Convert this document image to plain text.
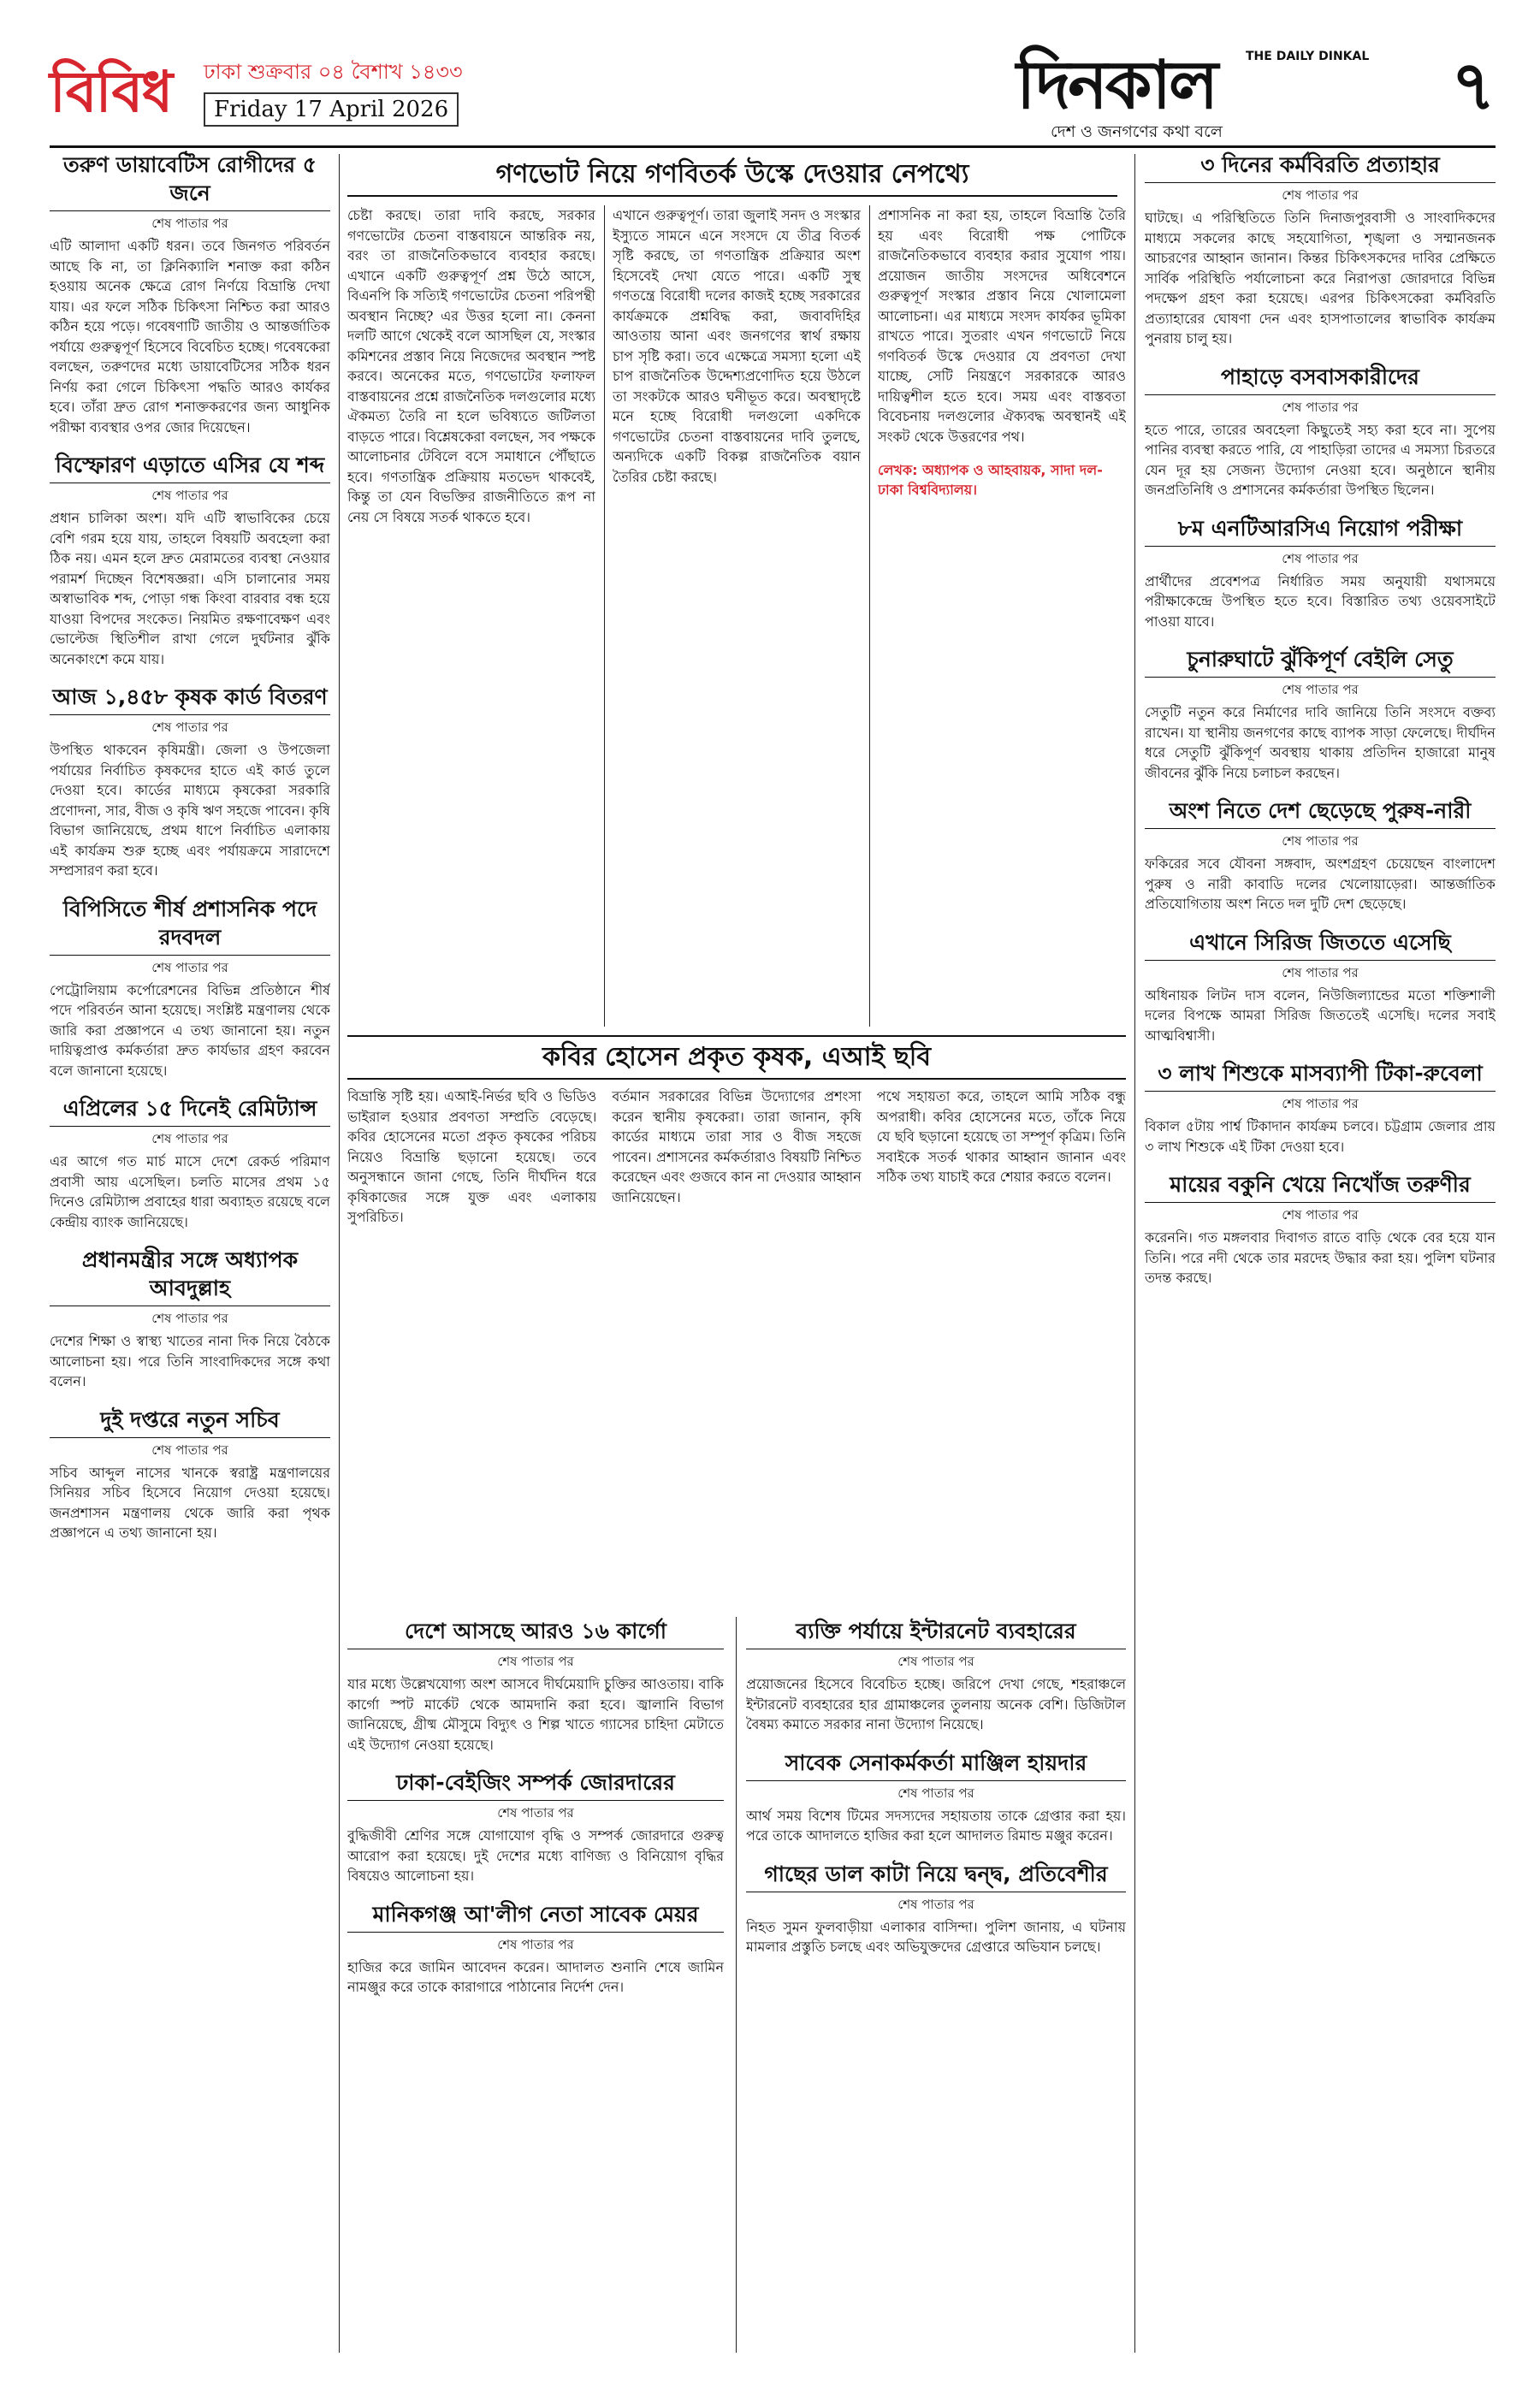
বিবিধ	ঢাকা শুক্রবার ০৪ বৈশাখ ১৪৩৩
Friday 17 April 2026	দিনকাল THE DAILY DINKAL
দেশ ও জনগণের কথা বলে
৭
তরুণ ডায়াবেটিস রোগীদের ৫ জনে
শেষ পাতার পর
এটি আলাদা একটি ধরন। তবে জিনগত পরিবর্তন আছে কি না, তা ক্লিনিক্যালি শনাক্ত করা কঠিন হওয়ায় অনেক ক্ষেত্রে রোগ নির্ণয়ে বিভ্রান্তি দেখা যায়। এর ফলে সঠিক চিকিৎসা নিশ্চিত করা আরও কঠিন হয়ে পড়ে। গবেষণাটি জাতীয় ও আন্তর্জাতিক পর্যায়ে গুরুত্বপূর্ণ হিসেবে বিবেচিত হচ্ছে। গবেষকেরা বলছেন, তরুণদের মধ্যে ডায়াবেটিসের সঠিক ধরন নির্ণয় করা গেলে চিকিৎসা পদ্ধতি আরও কার্যকর হবে। তাঁরা দ্রুত রোগ শনাক্তকরণের জন্য আধুনিক পরীক্ষা ব্যবস্থার ওপর জোর দিয়েছেন।
বিস্ফোরণ এড়াতে এসির যে শব্দ
শেষ পাতার পর
প্রধান চালিকা অংশ। যদি এটি স্বাভাবিকের চেয়ে বেশি গরম হয়ে যায়, তাহলে বিষয়টি অবহেলা করা ঠিক নয়। এমন হলে দ্রুত মেরামতের ব্যবস্থা নেওয়ার পরামর্শ দিচ্ছেন বিশেষজ্ঞরা। এসি চালানোর সময় অস্বাভাবিক শব্দ, পোড়া গন্ধ কিংবা বারবার বন্ধ হয়ে যাওয়া বিপদের সংকেত। নিয়মিত রক্ষণাবেক্ষণ এবং ভোল্টেজ স্থিতিশীল রাখা গেলে দুর্ঘটনার ঝুঁকি অনেকাংশে কমে যায়।
আজ ১,৪৫৮ কৃষক কার্ড বিতরণ
শেষ পাতার পর
উপস্থিত থাকবেন কৃষিমন্ত্রী। জেলা ও উপজেলা পর্যায়ের নির্বাচিত কৃষকদের হাতে এই কার্ড তুলে দেওয়া হবে। কার্ডের মাধ্যমে কৃষকেরা সরকারি প্রণোদনা, সার, বীজ ও কৃষি ঋণ সহজে পাবেন। কৃষি বিভাগ জানিয়েছে, প্রথম ধাপে নির্বাচিত এলাকায় এই কার্যক্রম শুরু হচ্ছে এবং পর্যায়ক্রমে সারাদেশে সম্প্রসারণ করা হবে।
বিপিসিতে শীর্ষ প্রশাসনিক পদে রদবদল
শেষ পাতার পর
পেট্রোলিয়াম কর্পোরেশনের বিভিন্ন প্রতিষ্ঠানে শীর্ষ পদে পরিবর্তন আনা হয়েছে। সংশ্লিষ্ট মন্ত্রণালয় থেকে জারি করা প্রজ্ঞাপনে এ তথ্য জানানো হয়। নতুন দায়িত্বপ্রাপ্ত কর্মকর্তারা দ্রুত কার্যভার গ্রহণ করবেন বলে জানানো হয়েছে।
এপ্রিলের ১৫ দিনেই রেমিট্যান্স
শেষ পাতার পর
এর আগে গত মার্চ মাসে দেশে রেকর্ড পরিমাণ প্রবাসী আয় এসেছিল। চলতি মাসের প্রথম ১৫ দিনেও রেমিট্যান্স প্রবাহের ধারা অব্যাহত রয়েছে বলে কেন্দ্রীয় ব্যাংক জানিয়েছে।
প্রধানমন্ত্রীর সঙ্গে অধ্যাপক আবদুল্লাহ
শেষ পাতার পর
দেশের শিক্ষা ও স্বাস্থ্য খাতের নানা দিক নিয়ে বৈঠকে আলোচনা হয়। পরে তিনি সাংবাদিকদের সঙ্গে কথা বলেন।
দুই দপ্তরে নতুন সচিব
শেষ পাতার পর
সচিব আব্দুল নাসের খানকে স্বরাষ্ট্র মন্ত্রণালয়ের সিনিয়র সচিব হিসেবে নিয়োগ দেওয়া হয়েছে। জনপ্রশাসন মন্ত্রণালয় থেকে জারি করা পৃথক প্রজ্ঞাপনে এ তথ্য জানানো হয়।
গণভোট নিয়ে গণবিতর্ক উস্কে দেওয়ার নেপথ্যে
চেষ্টা করছে। তারা দাবি করছে, সরকার গণভোটের চেতনা বাস্তবায়নে আন্তরিক নয়, বরং তা রাজনৈতিকভাবে ব্যবহার করছে। এখানে একটি গুরুত্বপূর্ণ প্রশ্ন উঠে আসে, বিএনপি কি সত্যিই গণভোটের চেতনা পরিপন্থী অবস্থান নিচ্ছে? এর উত্তর হলো না। কেননা দলটি আগে থেকেই বলে আসছিল যে, সংস্কার কমিশনের প্রস্তাব নিয়ে নিজেদের অবস্থান স্পষ্ট করবে। অনেকের মতে, গণভোটের ফলাফল বাস্তবায়নের প্রশ্নে রাজনৈতিক দলগুলোর মধ্যে ঐকমত্য তৈরি না হলে ভবিষ্যতে জটিলতা বাড়তে পারে। বিশ্লেষকেরা বলছেন, সব পক্ষকে আলোচনার টেবিলে বসে সমাধানে পৌঁছাতে হবে। গণতান্ত্রিক প্রক্রিয়ায় মতভেদ থাকবেই, কিন্তু তা যেন বিভক্তির রাজনীতিতে রূপ না নেয় সে বিষয়ে সতর্ক থাকতে হবে।
এখানে গুরুত্বপূর্ণ। তারা জুলাই সনদ ও সংস্কার ইস্যুতে সামনে এনে সংসদে যে তীব্র বিতর্ক সৃষ্টি করছে, তা গণতান্ত্রিক প্রক্রিয়ার অংশ হিসেবেই দেখা যেতে পারে। একটি সুস্থ গণতন্ত্রে বিরোধী দলের কাজই হচ্ছে সরকারের কার্যক্রমকে প্রশ্নবিদ্ধ করা, জবাবদিহির আওতায় আনা এবং জনগণের স্বার্থ রক্ষায় চাপ সৃষ্টি করা। তবে এক্ষেত্রে সমস্যা হলো এই চাপ রাজনৈতিক উদ্দেশ্যপ্রণোদিত হয়ে উঠলে তা সংকটকে আরও ঘনীভূত করে। অবস্থাদৃষ্টে মনে হচ্ছে বিরোধী দলগুলো একদিকে গণভোটের চেতনা বাস্তবায়নের দাবি তুলছে, অন্যদিকে একটি বিকল্প রাজনৈতিক বয়ান তৈরির চেষ্টা করছে।
প্রশাসনিক না করা হয়, তাহলে বিভ্রান্তি তৈরি হয় এবং বিরোধী পক্ষ পোটিকে রাজনৈতিকভাবে ব্যবহার করার সুযোগ পায়। প্রয়োজন জাতীয় সংসদের অধিবেশনে গুরুত্বপূর্ণ সংস্কার প্রস্তাব নিয়ে খোলামেলা আলোচনা। এর মাধ্যমে সংসদ কার্যকর ভূমিকা রাখতে পারে। সুতরাং এখন গণভোটে নিয়ে গণবিতর্ক উস্কে দেওয়ার যে প্রবণতা দেখা যাচ্ছে, সেটি নিয়ন্ত্রণে সরকারকে আরও দায়িত্বশীল হতে হবে। সময় এবং বাস্তবতা বিবেচনায় দলগুলোর ঐক্যবদ্ধ অবস্থানই এই সংকট থেকে উত্তরণের পথ।
লেখক: অধ্যাপক ও আহবায়ক, সাদা দল- ঢাকা বিশ্ববিদ্যালয়।
কবির হোসেন প্রকৃত কৃষক, এআই ছবি
বিভ্রান্তি সৃষ্টি হয়। এআই-নির্ভর ছবি ও ভিডিও ভাইরাল হওয়ার প্রবণতা সম্প্রতি বেড়েছে। কবির হোসেনের মতো প্রকৃত কৃষকের পরিচয় নিয়েও বিভ্রান্তি ছড়ানো হয়েছে। তবে অনুসন্ধানে জানা গেছে, তিনি দীর্ঘদিন ধরে কৃষিকাজের সঙ্গে যুক্ত এবং এলাকায় সুপরিচিত।
বর্তমান সরকারের বিভিন্ন উদ্যোগের প্রশংসা করেন স্থানীয় কৃষকেরা। তারা জানান, কৃষি কার্ডের মাধ্যমে তারা সার ও বীজ সহজে পাবেন। প্রশাসনের কর্মকর্তারাও বিষয়টি নিশ্চিত করেছেন এবং গুজবে কান না দেওয়ার আহ্বান জানিয়েছেন।
পথে সহায়তা করে, তাহলে আমি সঠিক বন্ধু অপরাধী। কবির হোসেনের মতে, তাঁকে নিয়ে যে ছবি ছড়ানো হয়েছে তা সম্পূর্ণ কৃত্রিম। তিনি সবাইকে সতর্ক থাকার আহ্বান জানান এবং সঠিক তথ্য যাচাই করে শেয়ার করতে বলেন।
দেশে আসছে আরও ১৬ কার্গো
শেষ পাতার পর
যার মধ্যে উল্লেখযোগ্য অংশ আসবে দীর্ঘমেয়াদি চুক্তির আওতায়। বাকি কার্গো স্পট মার্কেট থেকে আমদানি করা হবে। জ্বালানি বিভাগ জানিয়েছে, গ্রীষ্ম মৌসুমে বিদ্যুৎ ও শিল্প খাতে গ্যাসের চাহিদা মেটাতে এই উদ্যোগ নেওয়া হয়েছে।
ঢাকা-বেইজিং সম্পর্ক জোরদারের
শেষ পাতার পর
বুদ্ধিজীবী শ্রেণির সঙ্গে যোগাযোগ বৃদ্ধি ও সম্পর্ক জোরদারে গুরুত্ব আরোপ করা হয়েছে। দুই দেশের মধ্যে বাণিজ্য ও বিনিয়োগ বৃদ্ধির বিষয়েও আলোচনা হয়।
মানিকগঞ্জ আ'লীগ নেতা সাবেক মেয়র
শেষ পাতার পর
হাজির করে জামিন আবেদন করেন। আদালত শুনানি শেষে জামিন নামঞ্জুর করে তাকে কারাগারে পাঠানোর নির্দেশ দেন।
ব্যক্তি পর্যায়ে ইন্টারনেট ব্যবহারের
শেষ পাতার পর
প্রয়োজনের হিসেবে বিবেচিত হচ্ছে। জরিপে দেখা গেছে, শহরাঞ্চলে ইন্টারনেট ব্যবহারের হার গ্রামাঞ্চলের তুলনায় অনেক বেশি। ডিজিটাল বৈষম্য কমাতে সরকার নানা উদ্যোগ নিয়েছে।
সাবেক সেনাকর্মকর্তা মাঞ্জিল হায়দার
শেষ পাতার পর
আর্থ সময় বিশেষ টিমের সদস্যদের সহায়তায় তাকে গ্রেপ্তার করা হয়। পরে তাকে আদালতে হাজির করা হলে আদালত রিমান্ড মঞ্জুর করেন।
গাছের ডাল কাটা নিয়ে দ্বন্দ্ব, প্রতিবেশীর
শেষ পাতার পর
নিহত সুমন ফুলবাড়ীয়া এলাকার বাসিন্দা। পুলিশ জানায়, এ ঘটনায় মামলার প্রস্তুতি চলছে এবং অভিযুক্তদের গ্রেপ্তারে অভিযান চলছে।
৩ দিনের কর্মবিরতি প্রত্যাহার
শেষ পাতার পর
ঘাটছে। এ পরিস্থিতিতে তিনি দিনাজপুরবাসী ও সাংবাদিকদের মাধ্যমে সকলের কাছে সহযোগিতা, শৃঙ্খলা ও সম্মানজনক আচরণের আহ্বান জানান। কিন্তর চিকিৎসকদের দাবির প্রেক্ষিতে সার্বিক পরিস্থিতি পর্যালোচনা করে নিরাপত্তা জোরদারে বিভিন্ন পদক্ষেপ গ্রহণ করা হয়েছে। এরপর চিকিৎসকেরা কর্মবিরতি প্রত্যাহারের ঘোষণা দেন এবং হাসপাতালের স্বাভাবিক কার্যক্রম পুনরায় চালু হয়।
পাহাড়ে বসবাসকারীদের
শেষ পাতার পর
হতে পারে, তারের অবহেলা কিছুতেই সহ্য করা হবে না। সুপেয় পানির ব্যবস্থা করতে পারি, যে পাহাড়িরা তাদের এ সমস্যা চিরতরে যেন দূর হয় সেজন্য উদ্যোগ নেওয়া হবে। অনুষ্ঠানে স্থানীয় জনপ্রতিনিধি ও প্রশাসনের কর্মকর্তারা উপস্থিত ছিলেন।
৮ম এনটিআরসিএ নিয়োগ পরীক্ষা
শেষ পাতার পর
প্রার্থীদের প্রবেশপত্র নির্ধারিত সময় অনুযায়ী যথাসময়ে পরীক্ষাকেন্দ্রে উপস্থিত হতে হবে। বিস্তারিত তথ্য ওয়েবসাইটে পাওয়া যাবে।
চুনারুঘাটে ঝুঁকিপূর্ণ বেইলি সেতু
শেষ পাতার পর
সেতুটি নতুন করে নির্মাণের দাবি জানিয়ে তিনি সংসদে বক্তব্য রাখেন। যা স্থানীয় জনগণের কাছে ব্যাপক সাড়া ফেলেছে। দীর্ঘদিন ধরে সেতুটি ঝুঁকিপূর্ণ অবস্থায় থাকায় প্রতিদিন হাজারো মানুষ জীবনের ঝুঁকি নিয়ে চলাচল করছেন।
অংশ নিতে দেশ ছেড়েছে পুরুষ-নারী
শেষ পাতার পর
ফকিরের সবে যৌবনা সঙ্গবাদ, অংশগ্রহণ চেয়েছেন বাংলাদেশ পুরুষ ও নারী কাবাডি দলের খেলোয়াড়েরা। আন্তর্জাতিক প্রতিযোগিতায় অংশ নিতে দল দুটি দেশ ছেড়েছে।
এখানে সিরিজ জিততে এসেছি
শেষ পাতার পর
অধিনায়ক লিটন দাস বলেন, নিউজিল্যান্ডের মতো শক্তিশালী দলের বিপক্ষে আমরা সিরিজ জিততেই এসেছি। দলের সবাই আত্মবিশ্বাসী।
৩ লাখ শিশুকে মাসব্যাপী টিকা-রুবেলা
শেষ পাতার পর
বিকাল ৫টায় পার্শ্ব টিকাদান কার্যক্রম চলবে। চট্টগ্রাম জেলার প্রায় ৩ লাখ শিশুকে এই টিকা দেওয়া হবে।
মায়ের বকুনি খেয়ে নিখোঁজ তরুণীর
শেষ পাতার পর
করেননি। গত মঙ্গলবার দিবাগত রাতে বাড়ি থেকে বের হয়ে যান তিনি। পরে নদী থেকে তার মরদেহ উদ্ধার করা হয়। পুলিশ ঘটনার তদন্ত করছে।
